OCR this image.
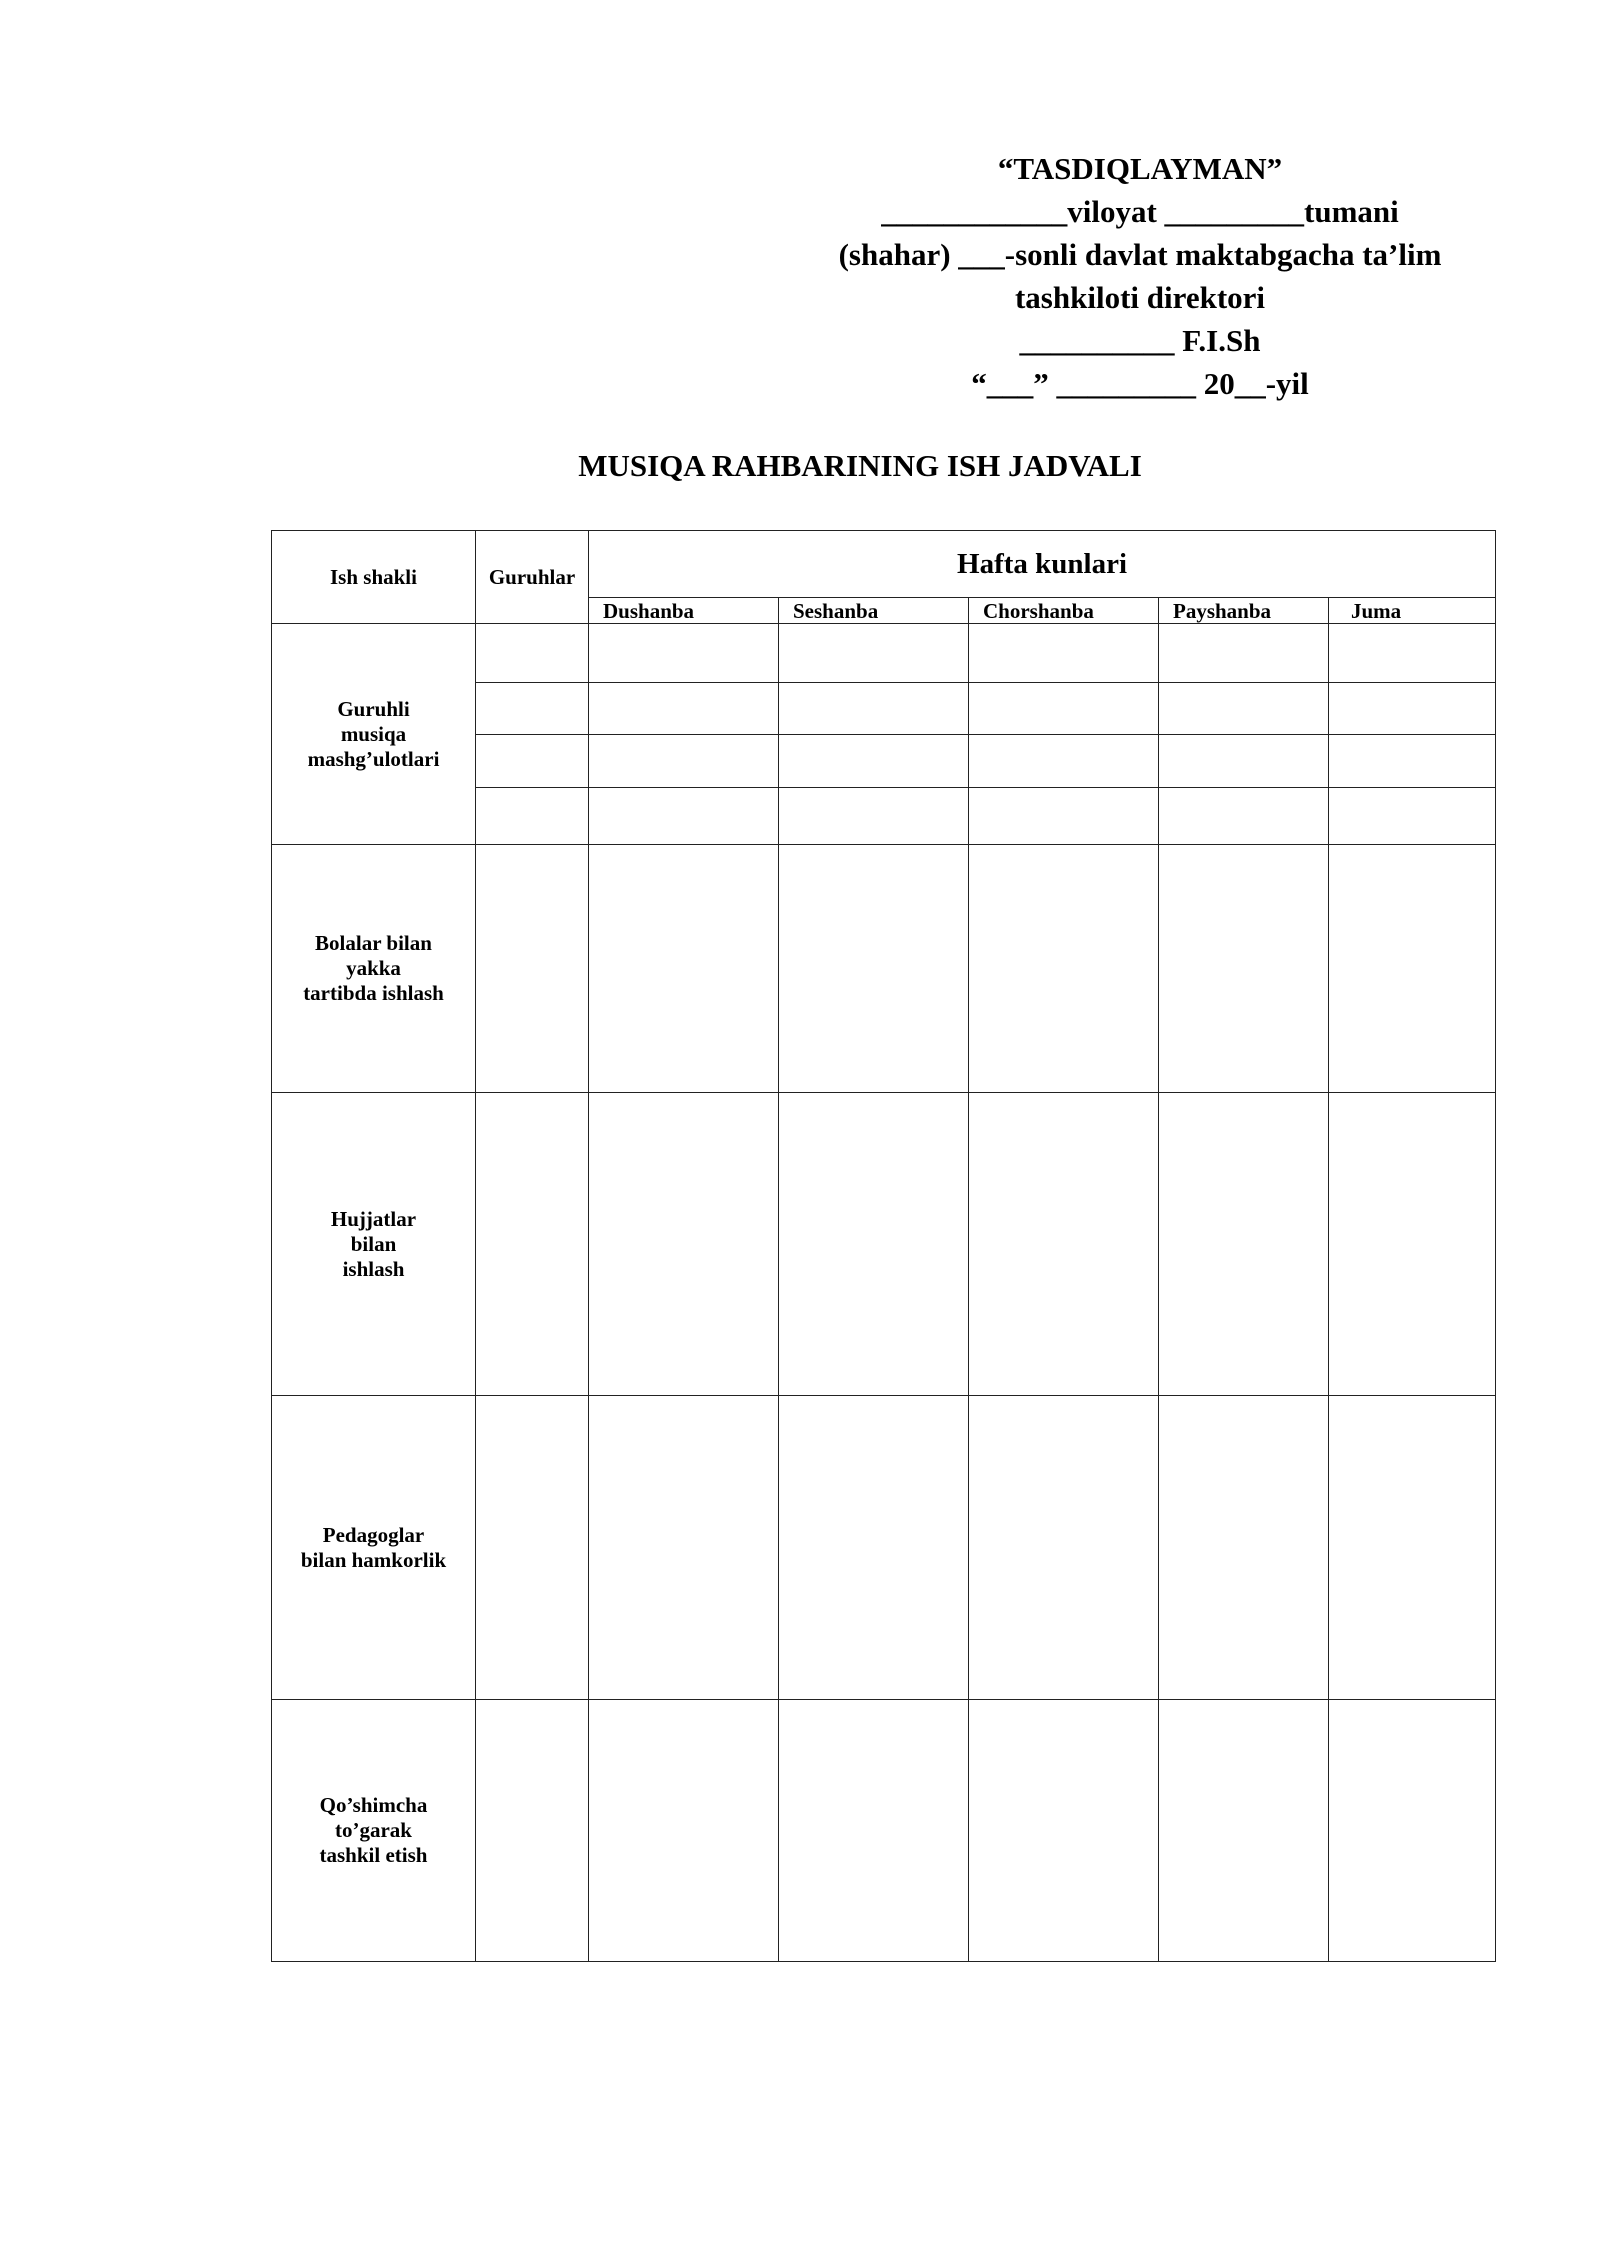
“TASDIQLAYMAN”
____________viloyat _________tumani
(shahar) ___-sonli davlat maktabgacha ta’lim
tashkiloti direktori
__________ F.I.Sh
“___” _________ 20__-yil
MUSIQA RAHBARINING ISH JADVALI
Ish shakli	Guruhlar	Hafta kunlari				
		Dushanba	Seshanba	Chorshanba	Payshanba	Juma

Guruhli
musiqa
mashg’ulotlari						

Bolalar bilan
yakka
tartibda ishlash						

Hujjatlar
bilan
ishlash						

Pedagoglar
bilan hamkorlik						

Qo’shimcha
to’garak
tashkil etish						
